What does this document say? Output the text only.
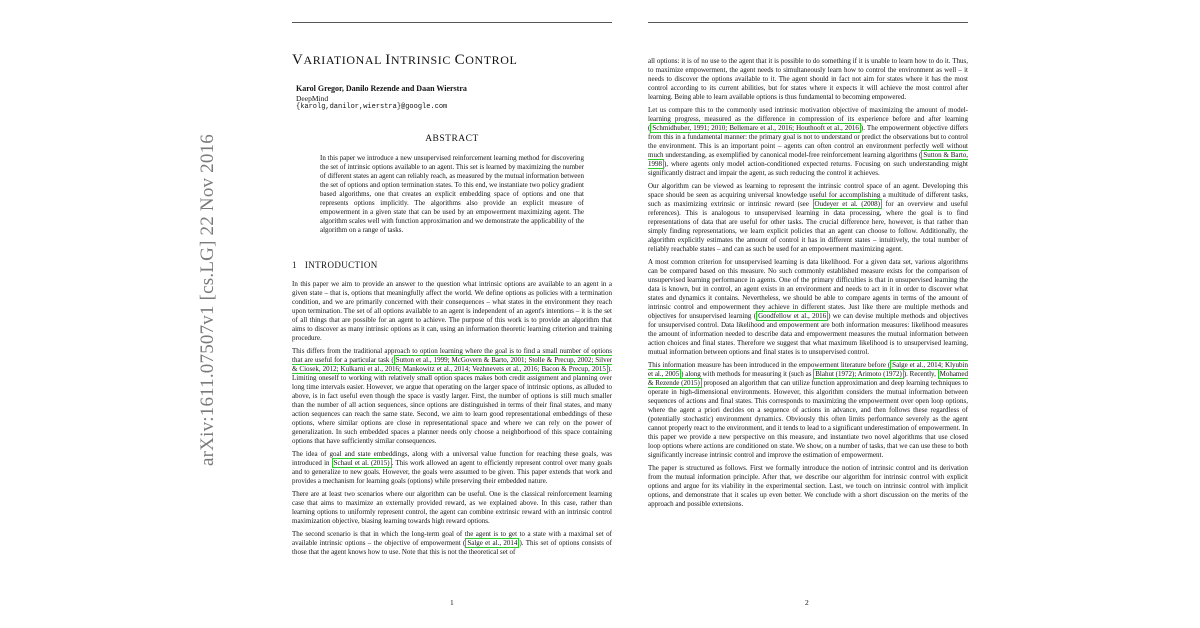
arXiv:1611.07507v1 [cs.LG] 22 Nov 2016
VARIATIONAL INTRINSIC CONTROL
Karol Gregor, Danilo Rezende and Daan Wierstra
DeepMind
{karolg,danilor,wierstra}@google.com
ABSTRACT
In this paper we introduce a new unsupervised reinforcement learning method for discovering the set of intrinsic options available to an agent. This set is learned by maximizing the number of different states an agent can reliably reach, as measured by the mutual information between the set of options and option termination states. To this end, we instantiate two policy gradient based algorithms, one that creates an explicit embedding space of options and one that represents options implicitly. The algorithms also provide an explicit measure of empowerment in a given state that can be used by an empowerment maximizing agent. The algorithm scales well with function approximation and we demonstrate the applicability of the algorithm on a range of tasks.
1 INTRODUCTION

In this paper we aim to provide an answer to the question what intrinsic options are available to an agent in a given state – that is, options that meaningfully affect the world. We define options as policies with a termination condition, and we are primarily concerned with their consequences – what states in the environment they reach upon termination. The set of all options available to an agent is independent of an agent's intentions – it is the set of all things that are possible for an agent to achieve. The purpose of this work is to provide an algorithm that aims to discover as many intrinsic options as it can, using an information theoretic learning criterion and training procedure.

This differs from the traditional approach to option learning where the goal is to find a small number of options that are useful for a particular task ( Sutton et al., 1999; McGovern & Barto, 2001; Stolle & Precup, 2002; Silver & Ciosek, 2012; Kulkarni et al., 2016; Mankowitz et al., 2014; Vezhnevets et al., 2016; Bacon & Precup, 2015 ). Limiting oneself to working with relatively small option spaces makes both credit assignment and planning over long time intervals easier. However, we argue that operating on the larger space of intrinsic options, as alluded to above, is in fact useful even though the space is vastly larger. First, the number of options is still much smaller than the number of all action sequences, since options are distinguished in terms of their final states, and many action sequences can reach the same state. Second, we aim to learn good representational embeddings of these options, where similar options are close in representational space and where we can rely on the power of generalization. In such embedded spaces a planner needs only choose a neighborhood of this space containing options that have sufficiently similar consequences.

The idea of goal and state embeddings, along with a universal value function for reaching these goals, was introduced in Schaul et al. (2015) . This work allowed an agent to efficiently represent control over many goals and to generalize to new goals. However, the goals were assumed to be given. This paper extends that work and provides a mechanism for learning goals (options) while preserving their embedded nature.

There are at least two scenarios where our algorithm can be useful. One is the classical reinforcement learning case that aims to maximize an externally provided reward, as we explained above. In this case, rather than learning options to uniformly represent control, the agent can combine extrinsic reward with an intrinsic control maximization objective, biasing learning towards high reward options.

The second scenario is that in which the long-term goal of the agent is to get to a state with a maximal set of available intrinsic options – the objective of empowerment ( Salge et al., 2014 ). This set of options consists of those that the agent knows how to use. Note that this is not the theoretical set of

1

all options: it is of no use to the agent that it is possible to do something if it is unable to learn how to do it. Thus, to maximize empowerment, the agent needs to simultaneously learn how to control the environment as well – it needs to discover the options available to it. The agent should in fact not aim for states where it has the most control according to its current abilities, but for states where it expects it will achieve the most control after learning. Being able to learn available options is thus fundamental to becoming empowered.

Let us compare this to the commonly used intrinsic motivation objective of maximizing the amount of model-learning progress, measured as the difference in compression of its experience before and after learning ( Schmidhuber, 1991; 2010; Bellemare et al., 2016; Houthooft et al., 2016 ). The empowerment objective differs from this in a fundamental manner: the primary goal is not to understand or predict the observations but to control the environment. This is an important point – agents can often control an environment perfectly well without much understanding, as exemplified by canonical model-free reinforcement learning algorithms ( Sutton & Barto, 1998 ), where agents only model action-conditioned expected returns. Focusing on such understanding might significantly distract and impair the agent, as such reducing the control it achieves.

Our algorithm can be viewed as learning to represent the intrinsic control space of an agent. Developing this space should be seen as acquiring universal knowledge useful for accomplishing a multitude of different tasks, such as maximizing extrinsic or intrinsic reward (see Oudeyer et al. (2008) for an overview and useful references). This is analogous to unsupervised learning in data processing, where the goal is to find representations of data that are useful for other tasks. The crucial difference here, however, is that rather than simply finding representations, we learn explicit policies that an agent can choose to follow. Additionally, the algorithm explicitly estimates the amount of control it has in different states – intuitively, the total number of reliably reachable states – and can as such be used for an empowerment maximizing agent.

A most common criterion for unsupervised learning is data likelihood. For a given data set, various algorithms can be compared based on this measure. No such commonly established measure exists for the comparison of unsupervised learning performance in agents. One of the primary difficulties is that in unsupervised learning the data is known, but in control, an agent exists in an environment and needs to act in it in order to discover what states and dynamics it contains. Nevertheless, we should be able to compare agents in terms of the amount of intrinsic control and empowerment they achieve in different states. Just like there are multiple methods and objectives for unsupervised learning ( Goodfellow et al., 2016 ) we can devise multiple methods and objectives for unsupervised control. Data likelihood and empowerment are both information measures: likelihood measures the amount of information needed to describe data and empowerment measures the mutual information between action choices and final states. Therefore we suggest that what maximum likelihood is to unsupervised learning, mutual information between options and final states is to unsupervised control.

This information measure has been introduced in the empowerment literature before ( Salge et al., 2014; Klyubin et al., 2005 ) along with methods for measuring it (such as Blahut (1972); Arimoto (1972) ). Recently, Mohamed & Rezende (2015) proposed an algorithm that can utilize function approximation and deep learning techniques to operate in high-dimensional environments. However, this algorithm considers the mutual information between sequences of actions and final states. This corresponds to maximizing the empowerment over open loop options, where the agent a priori decides on a sequence of actions in advance, and then follows these regardless of (potentially stochastic) environment dynamics. Obviously this often limits performance severely as the agent cannot properly react to the environment, and it tends to lead to a significant underestimation of empowerment. In this paper we provide a new perspective on this measure, and instantiate two novel algorithms that use closed loop options where actions are conditioned on state. We show, on a number of tasks, that we can use these to both significantly increase intrinsic control and improve the estimation of empowerment.

The paper is structured as follows. First we formally introduce the notion of intrinsic control and its derivation from the mutual information principle. After that, we describe our algorithm for intrinsic control with explicit options and argue for its viability in the experimental section. Last, we touch on intrinsic control with implicit options, and demonstrate that it scales up even better. We conclude with a short discussion on the merits of the approach and possible extensions.

2
